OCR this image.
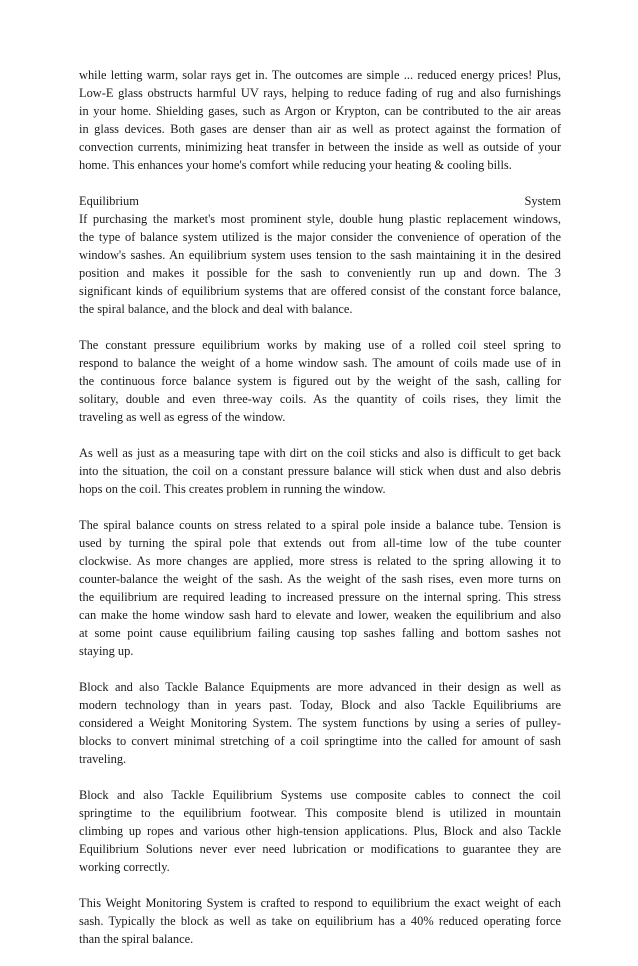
while letting warm, solar rays get in. The outcomes are simple ... reduced energy prices! Plus,
Low-E glass obstructs harmful UV rays, helping to reduce fading of rug and also furnishings
in your home. Shielding gases, such as Argon or Krypton, can be contributed to the air areas
in glass devices. Both gases are denser than air as well as protect against the formation of
convection currents, minimizing heat transfer in between the inside as well as outside of your
home. This enhances your home's comfort while reducing your heating & cooling bills.
Equilibrium System
If purchasing the market's most prominent style, double hung plastic replacement windows,
the type of balance system utilized is the major consider the convenience of operation of the
window's sashes. An equilibrium system uses tension to the sash maintaining it in the desired
position and makes it possible for the sash to conveniently run up and down. The 3
significant kinds of equilibrium systems that are offered consist of the constant force balance,
the spiral balance, and the block and deal with balance.
The constant pressure equilibrium works by making use of a rolled coil steel spring to
respond to balance the weight of a home window sash. The amount of coils made use of in
the continuous force balance system is figured out by the weight of the sash, calling for
solitary, double and even three-way coils. As the quantity of coils rises, they limit the
traveling as well as egress of the window.
As well as just as a measuring tape with dirt on the coil sticks and also is difficult to get back
into the situation, the coil on a constant pressure balance will stick when dust and also debris
hops on the coil. This creates problem in running the window.
The spiral balance counts on stress related to a spiral pole inside a balance tube. Tension is
used by turning the spiral pole that extends out from all-time low of the tube counter
clockwise. As more changes are applied, more stress is related to the spring allowing it to
counter-balance the weight of the sash. As the weight of the sash rises, even more turns on
the equilibrium are required leading to increased pressure on the internal spring. This stress
can make the home window sash hard to elevate and lower, weaken the equilibrium and also
at some point cause equilibrium failing causing top sashes falling and bottom sashes not
staying up.
Block and also Tackle Balance Equipments are more advanced in their design as well as
modern technology than in years past. Today, Block and also Tackle Equilibriums are
considered a Weight Monitoring System. The system functions by using a series of pulley-
blocks to convert minimal stretching of a coil springtime into the called for amount of sash
traveling.
Block and also Tackle Equilibrium Systems use composite cables to connect the coil
springtime to the equilibrium footwear. This composite blend is utilized in mountain
climbing up ropes and various other high-tension applications. Plus, Block and also Tackle
Equilibrium Solutions never ever need lubrication or modifications to guarantee they are
working correctly.
This Weight Monitoring System is crafted to respond to equilibrium the exact weight of each
sash. Typically the block as well as take on equilibrium has a 40% reduced operating force
than the spiral balance.
